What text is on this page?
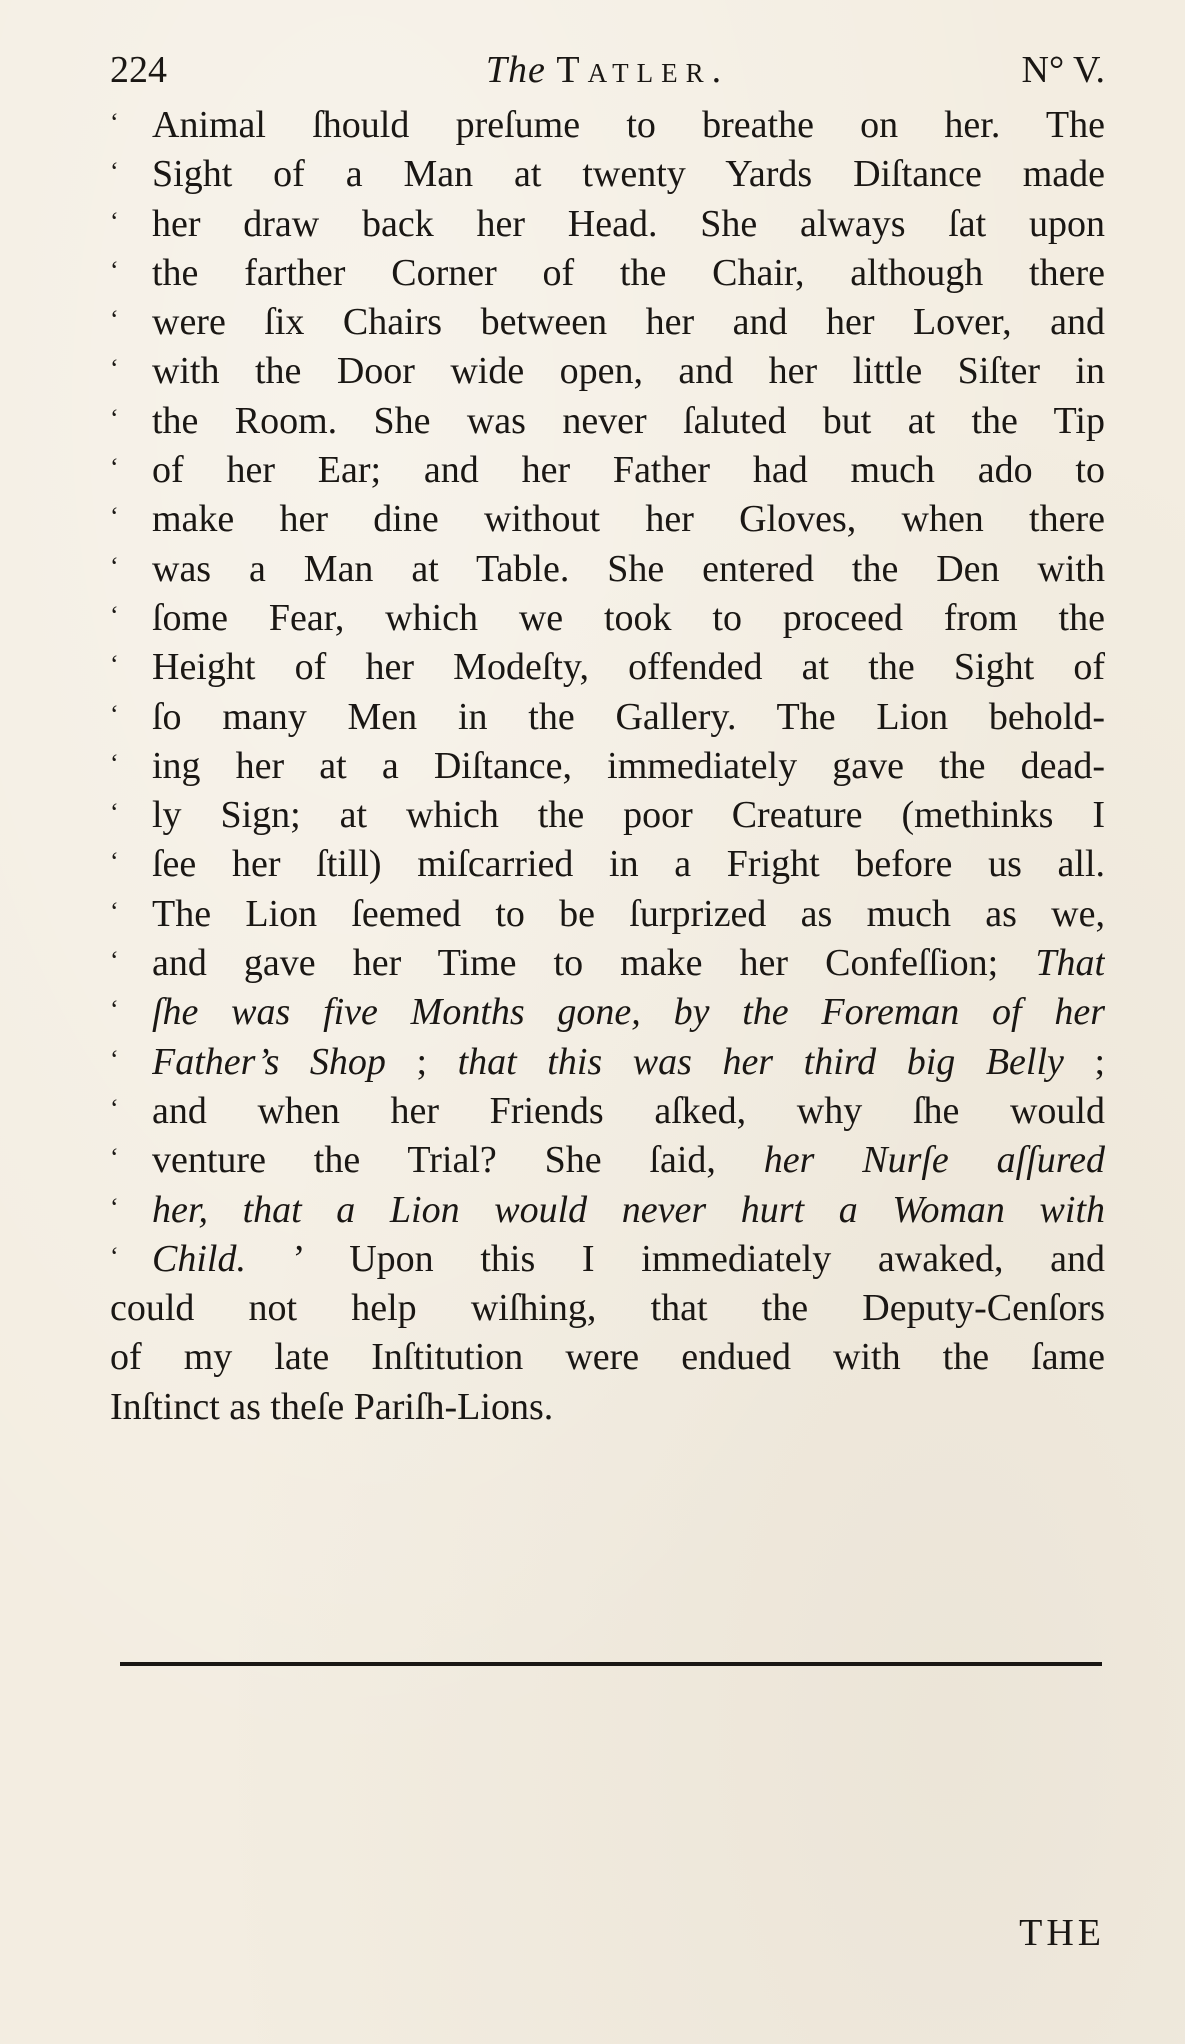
224	The Tatler.	N° V.
‘ Animal ſhould preſume to breathe on her. The
‘ Sight of a Man at twenty Yards Diſtance made
‘ her draw back her Head. She always ſat upon
‘ the farther Corner of the Chair, although there
‘ were ſix Chairs between her and her Lover, and
‘ with the Door wide open, and her little Siſter in
‘ the Room. She was never ſaluted but at the Tip
‘ of her Ear; and her Father had much ado to
‘ make her dine without her Gloves, when there
‘ was a Man at Table. She entered the Den with
‘ ſome Fear, which we took to proceed from the
‘ Height of her Modeſty, offended at the Sight of
‘ ſo many Men in the Gallery. The Lion behold-
‘ ing her at a Diſtance, immediately gave the dead-
‘ ly Sign; at which the poor Creature (methinks I
‘ ſee her ſtill) miſcarried in a Fright before us all.
‘ The Lion ſeemed to be ſurprized as much as we,
‘ and gave her Time to make her Confeſſion; That
‘ ſhe was five Months gone, by the Foreman of her
‘ Father’s Shop ; that this was her third big Belly ;
‘ and when her Friends aſked, why ſhe would
‘ venture the Trial? She ſaid, her Nurſe aſſured
‘ her, that a Lion would never hurt a Woman with
‘ Child. ’ Upon this I immediately awaked, and
could not help wiſhing, that the Deputy-Cenſors
of my late Inſtitution were endued with the ſame
Inſtinct as theſe Pariſh-Lions.
THE
